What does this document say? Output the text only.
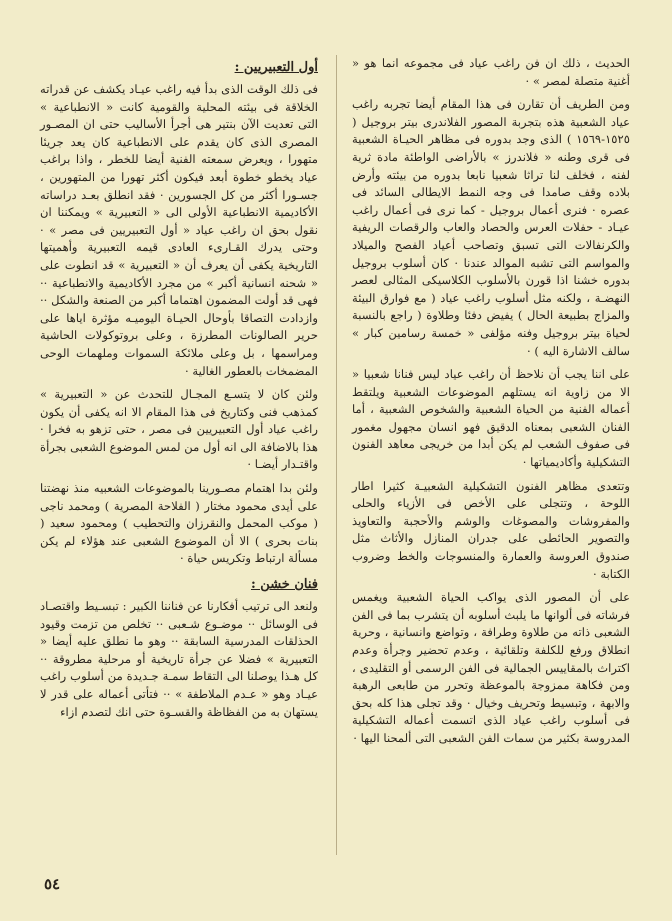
الحديث ، ذلك ان فن راغب عياد فى مجموعه انما هو « أغنية متصلة لمصر » ·

ومن الطريف أن تقارن فى هذا المقام أيضا تجربه راغب عياد الشعبية هذه بتجربة المصور الفلاندرى بيتر بروجيل ( ١٥٢٥-١٥٦٩ ) الذى وجد بدوره فى مظاهر الحيـاة الشعبية فى قرى وطنه « فلاندرز » بالأراضى الواطئة مادة ثرية لفنه ، فخلف لنا تراثا شعبيا نابعا بدوره من بيئته وأرض بلاده وقف صامدا فى وجه النمط الايطالى السائد فى عصره · فنرى أعمال بروجيل - كما نرى فى أعمال راغب عيـاد - حفلات العرس والحصاد والعاب والرقصات الريفية والكرنفالات التى تسبق وتصاحب أعياد الفصح والميلاد والمواسم التى تشبه الموالد عندنا · كان أسلوب بروجيل بدوره خشنا اذا قورن بالأسلوب الكلاسيكى المثالى لعصر النهضـة ، ولكنه مثل أسلوب راغب عياد ( مع فوارق البيئة والمزاج بطبيعة الحال ) يفيض دفئا وطلاوة ( راجع بالنسبة لحياة بيتر بروجيل وفنه مؤلفى « خمسة رسامين كبار » سالف الاشارة اليه ) ·

على اننا يجب أن نلاحظ أن راغب عياد ليس فنانا شعبيا « الا من زاوية انه يستلهم الموضوعات الشعبية ويلتقط أعماله الفنية من الحياة الشعبية والشخوص الشعبية ، أما الفنان الشعبى بمعناه الدقيق فهو انسان مجهول مغمور فى صفوف الشعب لم يكن أبدا من خريجى معاهد الفنون التشكيلية وأكاديمياتها ·

وتتعدى مظاهر الفنون التشكيلية الشعبيـة كثيرا اطار اللوحة ، وتتجلى على الأخص فى الأزياء والحلى والمفروشات والمصوغات والوشم والأحجبة والتعاويذ والتصوير الحائطى على جدران المنازل والأثاث مثل صندوق العروسة والعمارة والمنسوجات والخط وضروب الكتابة ·

على أن المصور الذى يواكب الحياة الشعبية ويغمس فرشاته فى ألوانها ما يلبث أسلوبه أن يتشرب بما فى الفن الشعبى ذاته من طلاوة وطرافة ، وتواضع وانسانية ، وحرية انطلاق ورفع للكلفة وتلقائية ، وعدم تحضير وجرأة وعدم اكتراث بالمقاييس الجمالية فى الفن الرسمى أو التقليدى ، ومن فكاهة ممزوجة بالموعظة وتحرر من طابعى الرهبة والابهة ، وتبسيط وتحريف وخيال · وقد تجلى هذا كله بحق فى أسلوب راغب عياد الذى اتسمت أعماله التشكيلية المدروسة بكثير من سمات الفن الشعبى التى ألمحنا اليها ·

أول التعبيريين :

فى ذلك الوقت الذى بدأ فيه راغب عيـاد يكشف عن قدراته الخلاقة فى بيئته المحلية والقومية كانت « الانطباعية » التى تعديت الآن بنتير هى أجرأ الأساليب حتى ان المصـور المصرى الذى كان يقدم على الانطباعية كان يعد جريئا متهورا ، ويعرض سمعته الفنية أيضا للخطر ، واذا براغب عياد يخطو خطوة أبعد فيكون أكثر تهورا من المتهورين ، جسـورا أكثر من كل الجسورين · فقد انطلق بعـد دراساته الأكاديمية الانطباعية الأولى الى « التعبيرية » ويمكننا ان نقول بحق ان راغب عياد « أول التعبيريين فى مصر » · وحتى يدرك القـارىء العادى قيمه التعبيرية وأهميتها التاريخية يكفى أن يعرف أن « التعبيرية » قد انطوت على « شحنه انسانية أكبر » من مجرد الأكاديمية والانطباعية ·· فهى قد أولت المضمون اهتماما أكبر من الصنعة والشكل ·· وازدادت التصاقا بأوحال الحيـاة اليوميـه مؤثرة اياها على حرير الصالونات المطرزة ، وعلى بروتوكولات الحاشية ومراسمها ، بل وعلى ملائكة السموات وملهمات الوحى المضمخات بالعطور الغالية ·

ولئن كان لا يتسـع المجـال للتحدث عن « التعبيرية » كمذهب فنى وكتاريخ فى هذا المقام الا انه يكفى أن يكون راغب عياد أول التعبيريين فى مصر ، حتى تزهو به فخرا · هذا بالاضافة الى انه أول من لمس الموضوع الشعبى بجرأة واقتـدار أيضـا ·

ولئن بدا اهتمام مصـورينا بالموضوعات الشعبيه منذ نهضتنا على أيدى محمود مختار ( الفلاحة المصرية ) ومحمد ناجى ( موكب المحمل والنقرزان والتحطيب ) ومحمود سعيد ( بنات بحرى ) الا أن الموضوع الشعبى عند هؤلاء لم يكن مسألة ارتباط وتكريس حياة ·

فنان خشن :

ولنعد الى ترتيب أفكارنا عن فناننا الكبير : تبسـيط واقتصـاد فى الوسائل ·· موضـوع شـعبى ·· تخلص من تزمت وقيود الحذلقات المدرسية السابقة ·· وهو ما نطلق عليه أيضا « التعبيرية » فضلا عن جرأة تاريخية أو مرحلية مطروقة ·· كل هـذا يوصلنا الى التقاط سمـة جـديدة من أسلوب راغب عيـاد وهو « عـدم الملاطفة » ·· فتأتى أعماله على قدر لا يستهان به من الفظاظة والقسـوة حتى انك لتصدم ازاء

٥٤
